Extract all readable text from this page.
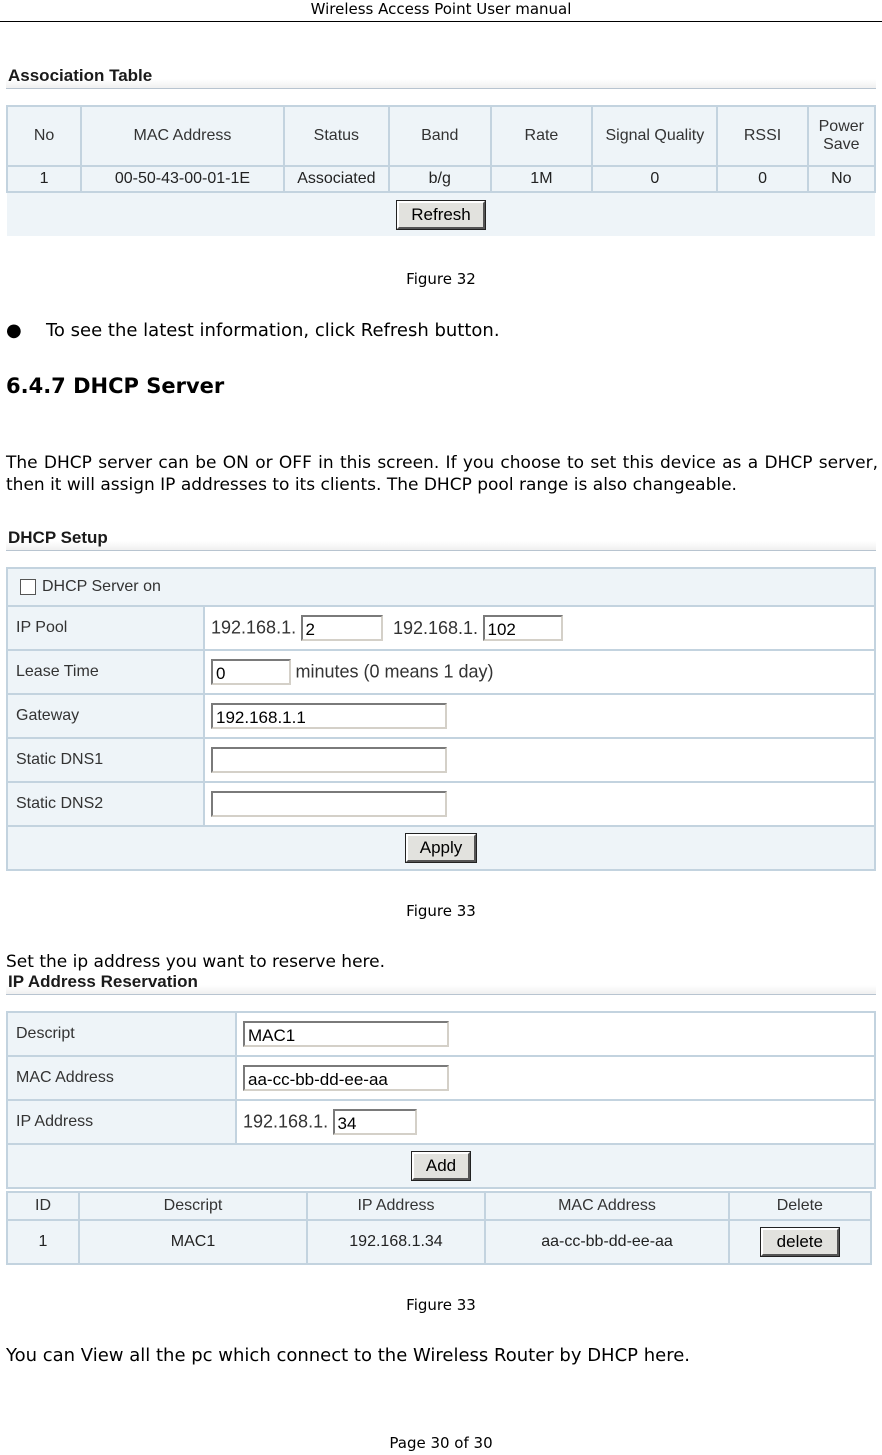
Wireless Access Point User manual
Association Table
No	MAC Address	Status	Band	Rate	Signal Quality	RSSI	Power Save
1	00-50-43-00-01-1E	Associated	b/g	1M	0	0	No
Refresh							
Figure 32
● To see the latest information, click Refresh button.
6.4.7 DHCP Server
The DHCP server can be ON or OFF in this screen. If you choose to set this device as a DHCP server, then it will assign IP addresses to its clients. The DHCP pool range is also changeable.
DHCP Setup
DHCP Server on	
IP Pool	192.168.1. 2 192.168.1. 102
Lease Time	0 minutes (0 means 1 day)
Gateway	192.168.1.1
Static DNS1	
Static DNS2	
Apply	
Figure 33
Set the ip address you want to reserve here.
IP Address Reservation
Descript	MAC1
MAC Address	aa-cc-bb-dd-ee-aa
IP Address	192.168.1. 34
Add	
ID	Descript	IP Address	MAC Address	Delete
1	MAC1	192.168.1.34	aa-cc-bb-dd-ee-aa	delete
Figure 33
You can View all the pc which connect to the Wireless Router by DHCP here.
Page 30 of 30
